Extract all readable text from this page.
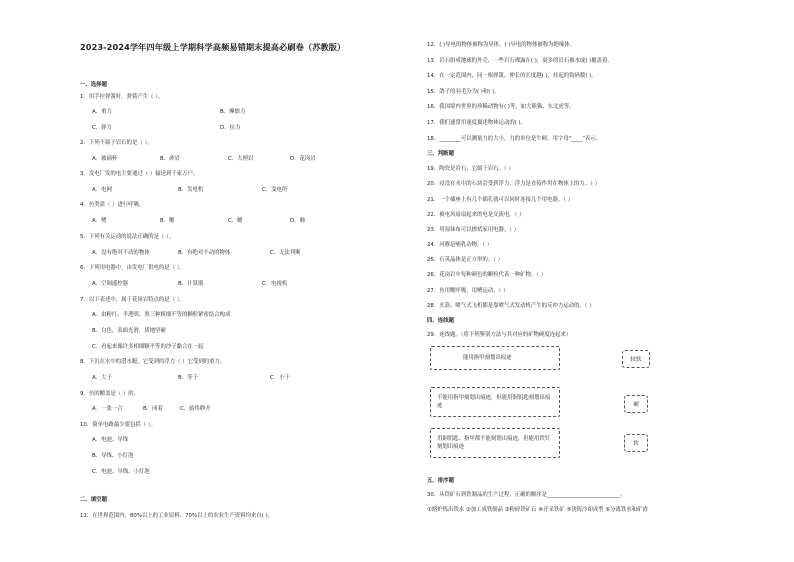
2023-2024学年四年级上学期科学高频易错期末提高必刷卷（苏教版）
一、选择题
1．用手拉弹簧时，弹簧产生（ ）。
A．重力	B．摩擦力
C．弹力	D．拉力
2．下列不属于岩石的是（ ）。
A．玻璃杯	B．砂岩	C．大理岩	D．花岗岩
3．发电厂发的电主要通过（ ）输送到千家万户。
A．电网	B．发电机	C．变电所
4．鱼类靠（ ）进行呼吸。
A．鳍	B．鳃	C．鳔	D．肺
5．下列有关运动的说法正确的是（ ）。
A．没有绝对不动的物体	B．有绝对不动的物体	C．无法判断
6．下列用电器中，由发电厂供电的是（ ）。
A．空调遥控器	B．计算器	C．电视机
7．以下表述中，属于花岗岩特点的是（ ）。
A．由粉红、半透明、黑三种粗细不等的颗粒紧密结合构成
B．白色，表面光滑，质地坚硬
C．看起来像许多相细颗不等的沙子黏合在一起
8．下沉在水中的潜水艇，它受到的浮力（ ）它受到的重力。
A．大于	B．等于	C．小于
9．鱼的鳃盖是（ ）的。
A．一张一合	B．闭着	C．始终睁开
10．简单电路最少要包括（ ）。
A．电池、导线
B．导线、小灯泡
C．电池、导线、小灯泡
二、填空题
11．在世界范围内，80%以上的工业原料、70%以上的农业生产资料均来自( )。
12．( )导电的物体被称为导体，( )导电的物体被称为绝缘体。
13．岩石组成地球的外壳，一些岩石裸露在( )，更多的岩石被水或( )覆盖着。
14．在一定范围内，同一根弹簧，伸长的长度越( )，挂起的钩码数( )。
15．鸽子的羽毛分为( )和( )。
16．我国境内世界的珍稀动物有( )等，如大熊猫、东北虎等。
17．我们通常用速度描述物体运动的( )。
18．________可以测量力的大小，力的单位是牛顿，用字母“____”表示。
三、判断题
19．陶瓷是岩石，它属于岩石。（ ）
20．浸没在水中的石块会受到浮力，浮力是直接作用在物体上的力。（ ）
21．一个插座上有几个插孔就可以同时连接几个用电器。（ ）
22．被电风扇扇起来的电是交流电。（ ）
23．用湿抹布可以擦拭家用电器。（ ）
24．河豚是哺乳动物。（ ）
25．石英晶体是正方形的。（ ）
26．花岗岩中每种颜色的颗粒代表一种矿物。（ ）
27．鱼用鳃呼吸，用鳍运动。（ ）
28．火箭、喷气式飞机都是靠喷气式发动机产生的反冲力运动的。（ ）
四、连线题
29．连线题。（将下列鉴别方法与其对应的矿物硬度连起来）
能用指甲刻划出痕迹
不能用指甲刻划出痕迹，但能用铜钥匙刻划出痕迹
用铜钥匙、指甲都不能刻划出痕迹，但能用铁钉刻划出痕迹
较软
硬
软
五、排序题
30．从铁矿石到铁制品的生产过程，正确的顺序是___________________________。
①熔炉炼出铁水 ②加工成铁制品 ③粉碎铁矿石 ④开采铁矿 ⑤浇铸冷却成型 ⑥分离铁水和矿渣
